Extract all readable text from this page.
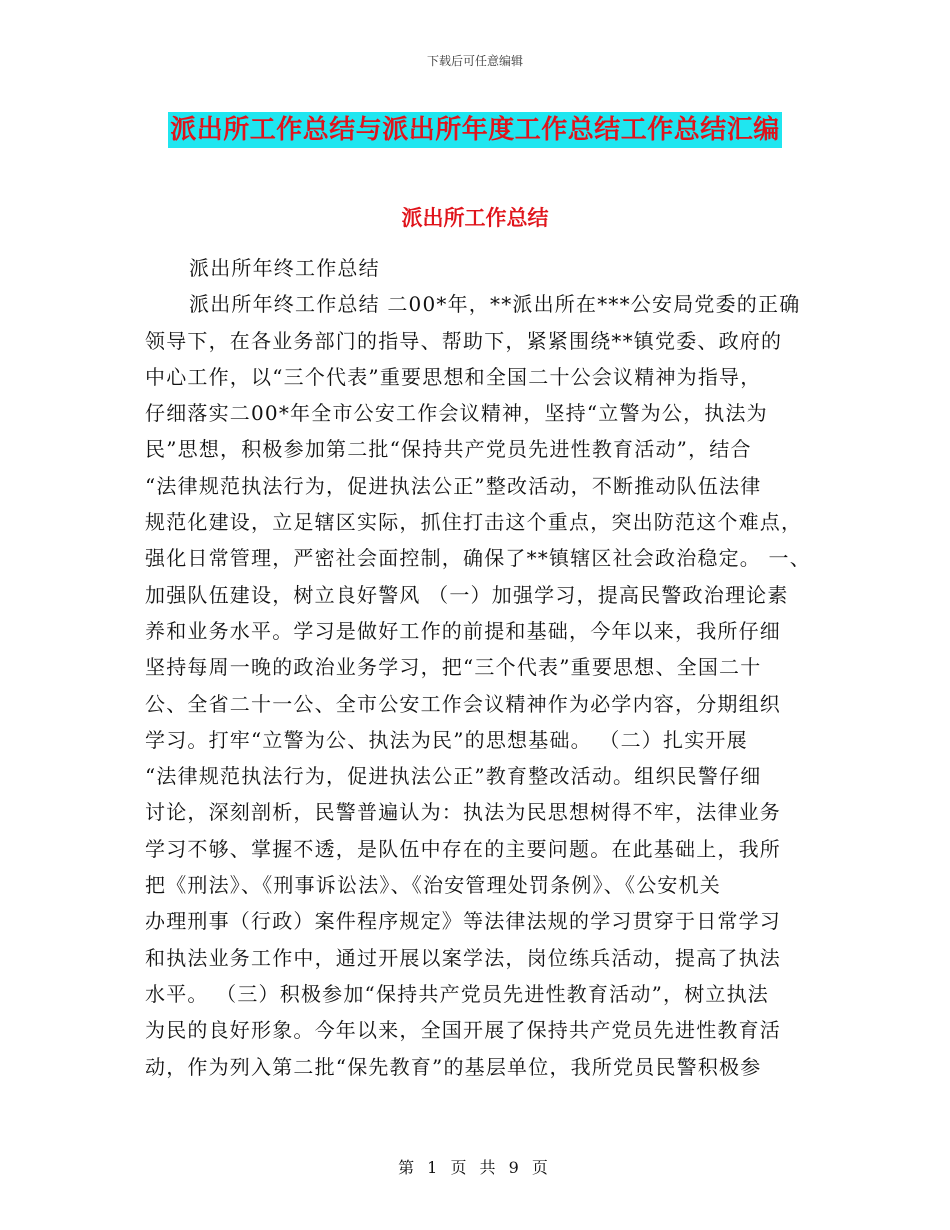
下载后可任意编辑
派出所工作总结与派出所年度工作总结工作总结汇编
派出所工作总结
派出所年终工作总结
派出所年终工作总结 二00*年，**派出所在***公安局党委的正确
领导下，在各业务部门的指导、帮助下，紧紧围绕**镇党委、政府的
中心工作，以“三个代表”重要思想和全国二十公会议精神为指导，
仔细落实二00*年全市公安工作会议精神，坚持“立警为公，执法为
民”思想，积极参加第二批“保持共产党员先进性教育活动”，结合
“法律规范执法行为，促进执法公正”整改活动，不断推动队伍法律
规范化建设，立足辖区实际，抓住打击这个重点，突出防范这个难点，
强化日常管理，严密社会面控制，确保了**镇辖区社会政治稳定。 一、
加强队伍建设，树立良好警风 （一）加强学习，提高民警政治理论素
养和业务水平。学习是做好工作的前提和基础，今年以来，我所仔细
坚持每周一晚的政治业务学习，把“三个代表”重要思想、全国二十
公、全省二十一公、全市公安工作会议精神作为必学内容，分期组织
学习。打牢“立警为公、执法为民”的思想基础。 （二）扎实开展
“法律规范执法行为，促进执法公正”教育整改活动。组织民警仔细
讨论，深刻剖析，民警普遍认为：执法为民思想树得不牢，法律业务
学习不够、掌握不透，是队伍中存在的主要问题。在此基础上，我所
把《刑法》、《刑事诉讼法》、《治安管理处罚条例》、《公安机关
办理刑事（行政）案件程序规定》等法律法规的学习贯穿于日常学习
和执法业务工作中，通过开展以案学法，岗位练兵活动，提高了执法
水平。 （三）积极参加“保持共产党员先进性教育活动”，树立执法
为民的良好形象。今年以来，全国开展了保持共产党员先进性教育活
动，作为列入第二批“保先教育”的基层单位，我所党员民警积极参
第 1 页 共 9 页
